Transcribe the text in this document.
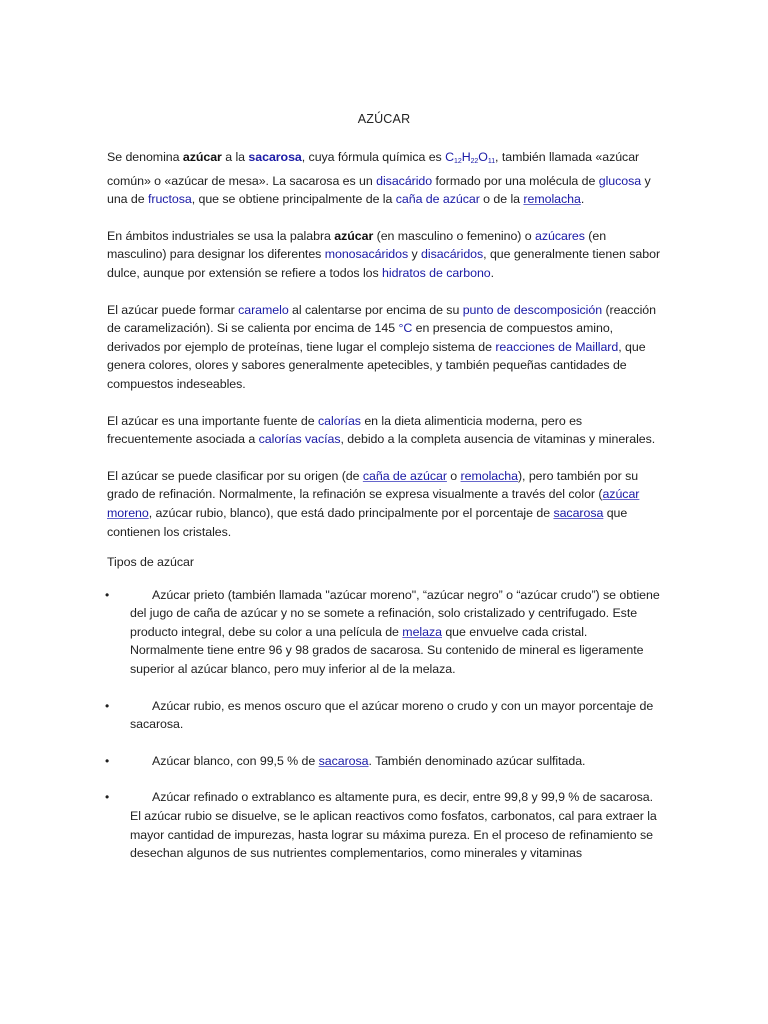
AZÚCAR

Se denomina azúcar a la sacarosa, cuya fórmula química es $C_{12}H_{22}O_{11}$, también llamada «azúcar común» o «azúcar de mesa». La sacarosa es un disacárido formado por una molécula de glucosa y una de fructosa, que se obtiene principalmente de la caña de azúcar o de la remolacha.

En ámbitos industriales se usa la palabra azúcar (en masculino o femenino) o azúcares (en masculino) para designar los diferentes monosacáridos y disacáridos, que generalmente tienen sabor dulce, aunque por extensión se refiere a todos los hidratos de carbono.

El azúcar puede formar caramelo al calentarse por encima de su punto de descomposición (reacción de caramelización). Si se calienta por encima de 145 °C en presencia de compuestos amino, derivados por ejemplo de proteínas, tiene lugar el complejo sistema de reacciones de Maillard, que genera colores, olores y sabores generalmente apetecibles, y también pequeñas cantidades de compuestos indeseables.

El azúcar es una importante fuente de calorías en la dieta alimenticia moderna, pero es frecuentemente asociada a calorías vacías, debido a la completa ausencia de vitaminas y minerales.

El azúcar se puede clasificar por su origen (de caña de azúcar o remolacha), pero también por su grado de refinación. Normalmente, la refinación se expresa visualmente a través del color (azúcar moreno, azúcar rubio, blanco), que está dado principalmente por el porcentaje de sacarosa que contienen los cristales.

Tipos de azúcar

•	Azúcar prieto (también llamada "azúcar moreno", “azúcar negro” o “azúcar crudo”) se obtiene del jugo de caña de azúcar y no se somete a refinación, solo cristalizado y centrifugado. Este producto integral, debe su color a una película de melaza que envuelve cada cristal. Normalmente tiene entre 96 y 98 grados de sacarosa. Su contenido de mineral es ligeramente superior al azúcar blanco, pero muy inferior al de la melaza.
•	Azúcar rubio, es menos oscuro que el azúcar moreno o crudo y con un mayor porcentaje de sacarosa.
•	Azúcar blanco, con 99,5 % de sacarosa. También denominado azúcar sulfitada.
•	Azúcar refinado o extrablanco es altamente pura, es decir, entre 99,8 y 99,9 % de sacarosa. El azúcar rubio se disuelve, se le aplican reactivos como fosfatos, carbonatos, cal para extraer la mayor cantidad de impurezas, hasta lograr su máxima pureza. En el proceso de refinamiento se desechan algunos de sus nutrientes complementarios, como minerales y vitaminas
